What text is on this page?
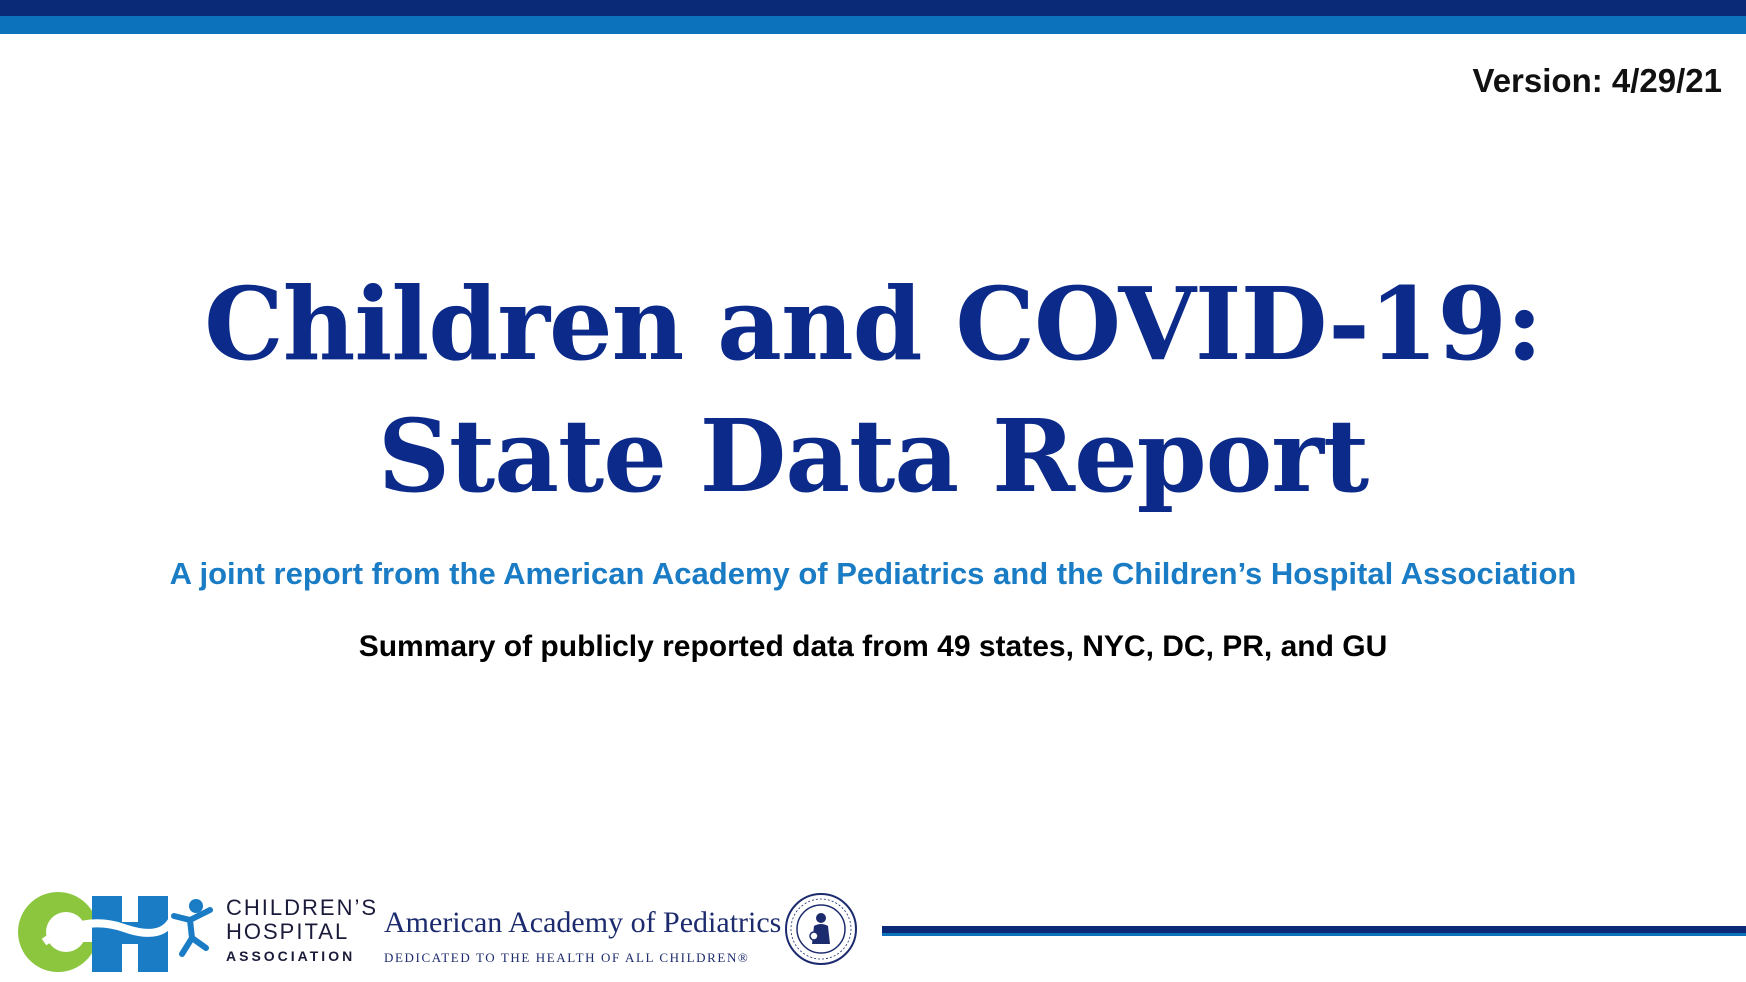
Version: 4/29/21
Children and COVID-19:
State Data Report
A joint report from the American Academy of Pediatrics and the Children’s Hospital Association
Summary of publicly reported data from 49 states, NYC, DC, PR, and GU
CHILDREN’S
HOSPITAL
ASSOCIATION
American Academy of Pediatrics
DEDICATED TO THE HEALTH OF ALL CHILDREN®
